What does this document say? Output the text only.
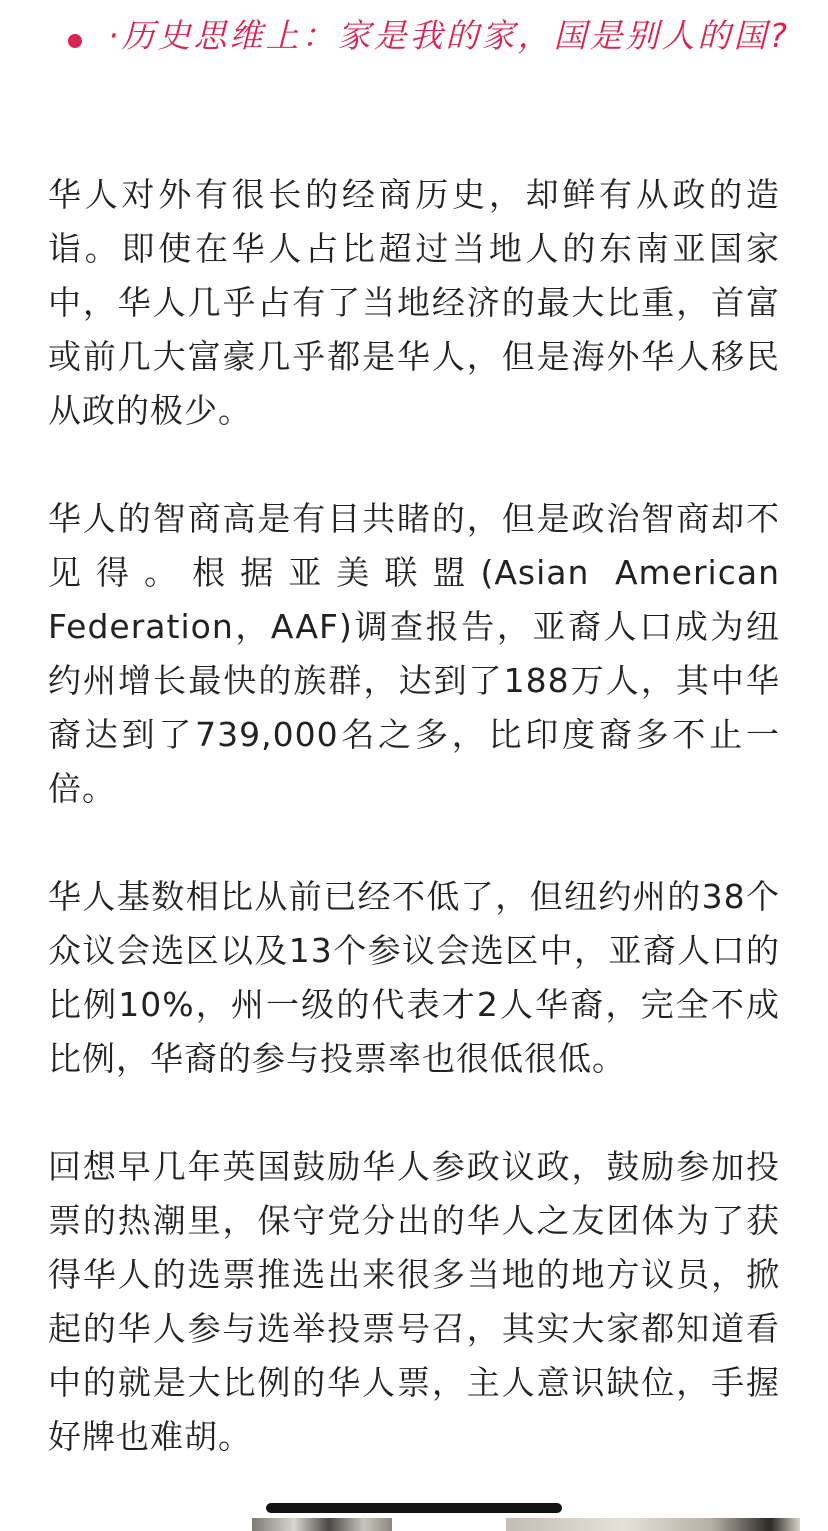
·历史思维上：家是我的家，国是别人的国?

华人对外有很长的经商历史，却鲜有从政的造诣。即使在华人占比超过当地人的东南亚国家中，华人几乎占有了当地经济的最大比重，首富或前几大富豪几乎都是华人，但是海外华人移民从政的极少。

华人的智商高是有目共睹的，但是政治智商却不见得。根据亚美联盟(Asian American Federation，AAF)调查报告，亚裔人口成为纽约州增长最快的族群，达到了188万人，其中华裔达到了739,000名之多，比印度裔多不止一倍。

华人基数相比从前已经不低了，但纽约州的38个众议会选区以及13个参议会选区中，亚裔人口的比例10%，州一级的代表才2人华裔，完全不成比例，华裔的参与投票率也很低很低。

回想早几年英国鼓励华人参政议政，鼓励参加投票的热潮里，保守党分出的华人之友团体为了获得华人的选票推选出来很多当地的地方议员，掀起的华人参与选举投票号召，其实大家都知道看中的就是大比例的华人票，主人意识缺位，手握好牌也难胡。
